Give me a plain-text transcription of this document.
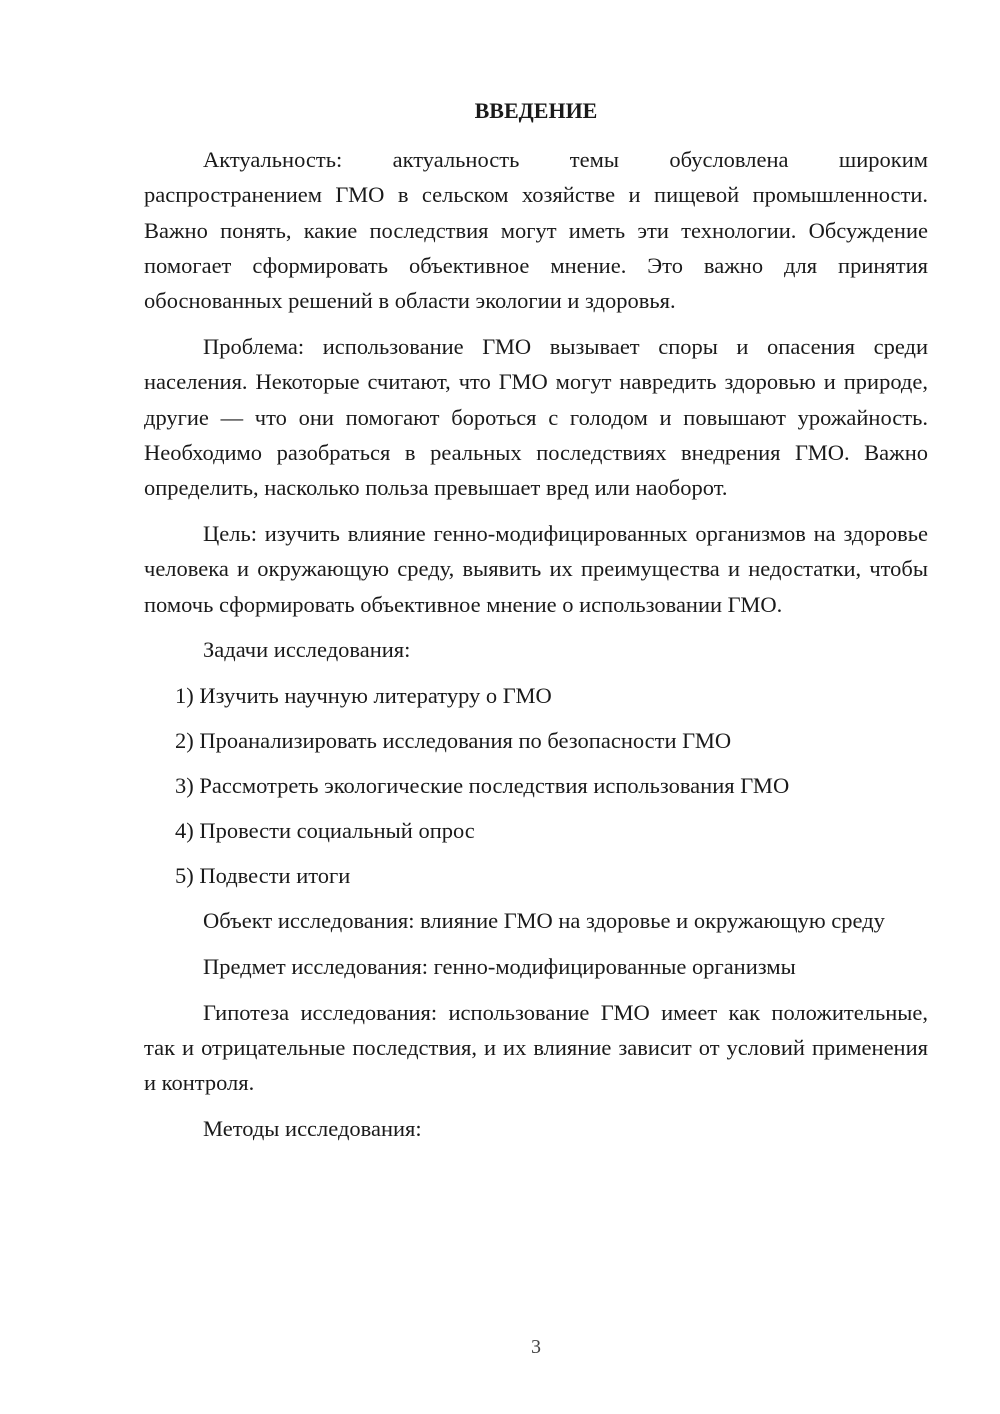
ВВЕДЕНИЕ

Актуальность: актуальность темы обусловлена широким распространением ГМО в сельском хозяйстве и пищевой промышленности. Важно понять, какие последствия могут иметь эти технологии. Обсуждение помогает сформировать объективное мнение. Это важно для принятия обоснованных решений в области экологии и здоровья.

Проблема: использование ГМО вызывает споры и опасения среди населения. Некоторые считают, что ГМО могут навредить здоровью и природе, другие — что они помогают бороться с голодом и повышают урожайность. Необходимо разобраться в реальных последствиях внедрения ГМО. Важно определить, насколько польза превышает вред или наоборот.

Цель: изучить влияние генно-модифицированных организмов на здоровье человека и окружающую среду, выявить их преимущества и недостатки, чтобы помочь сформировать объективное мнение о использовании ГМО.

Задачи исследования:

1) Изучить научную литературу о ГМО

2) Проанализировать исследования по безопасности ГМО

3) Рассмотреть экологические последствия использования ГМО

4) Провести социальный опрос

5) Подвести итоги

Объект исследования: влияние ГМО на здоровье и окружающую среду

Предмет исследования: генно-модифицированные организмы

Гипотеза исследования: использование ГМО имеет как положительные, так и отрицательные последствия, и их влияние зависит от условий применения и контроля.

Методы исследования:

3
